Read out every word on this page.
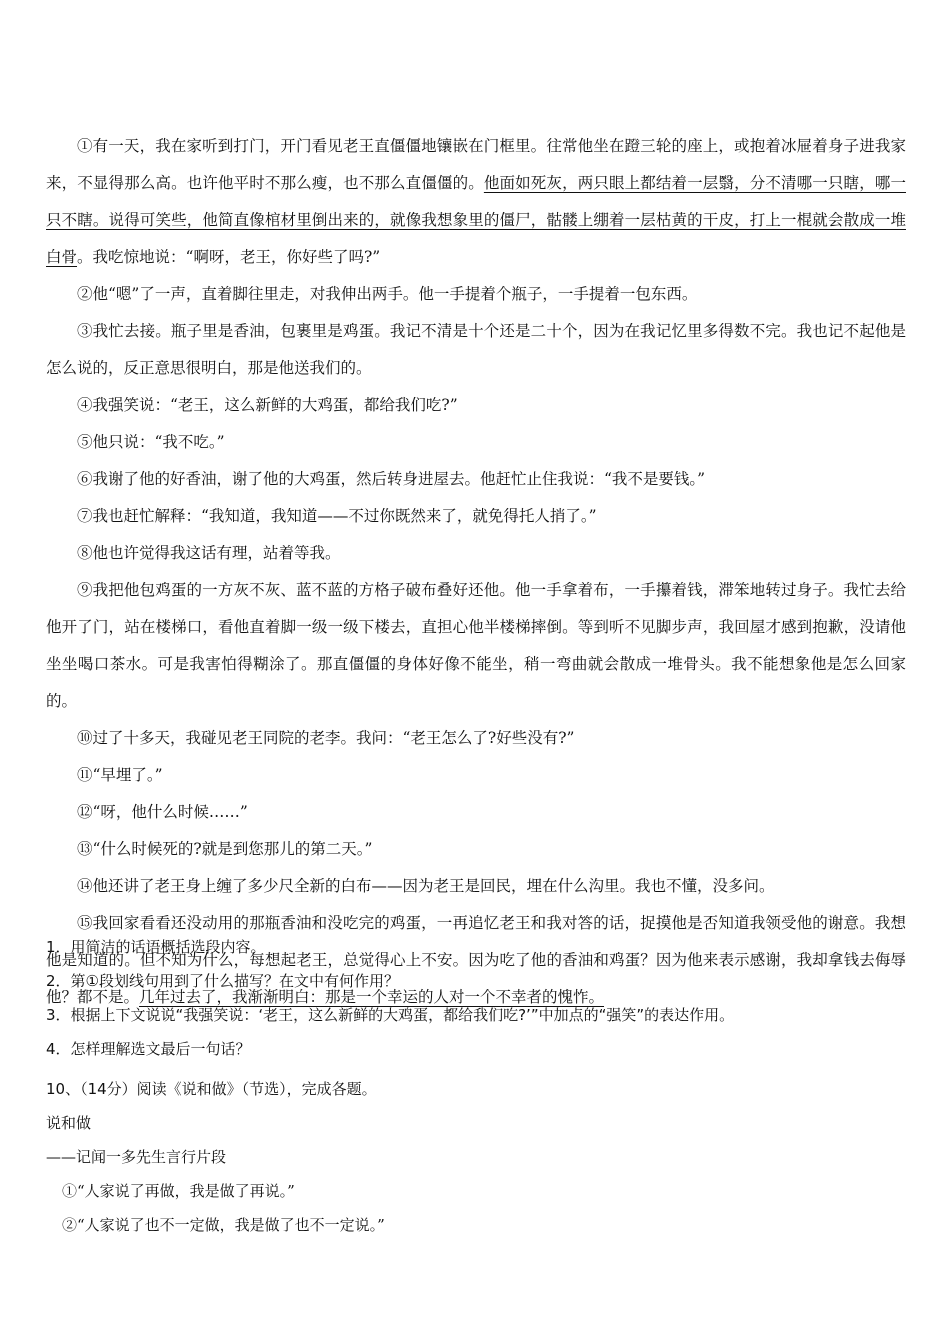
①有一天，我在家听到打门，开门看见老王直僵僵地镶嵌在门框里。往常他坐在蹬三轮的座上，或抱着冰屉着身子进我家来，不显得那么高。也许他平时不那么瘦，也不那么直僵僵的。他面如死灰，两只眼上都结着一层翳，分不清哪一只瞎，哪一只不瞎。说得可笑些，他简直像棺材里倒出来的，就像我想象里的僵尸，骷髅上绷着一层枯黄的干皮，打上一棍就会散成一堆白骨。我吃惊地说：“啊呀，老王，你好些了吗?”

②他“嗯”了一声，直着脚往里走，对我伸出两手。他一手提着个瓶子，一手提着一包东西。

③我忙去接。瓶子里是香油，包裹里是鸡蛋。我记不清是十个还是二十个，因为在我记忆里多得数不完。我也记不起他是怎么说的，反正意思很明白，那是他送我们的。

④我强笑说：“老王，这么新鲜的大鸡蛋，都给我们吃?”

⑤他只说：“我不吃。”

⑥我谢了他的好香油，谢了他的大鸡蛋，然后转身进屋去。他赶忙止住我说：“我不是要钱。”

⑦我也赶忙解释：“我知道，我知道——不过你既然来了，就免得托人捎了。”

⑧他也许觉得我这话有理，站着等我。

⑨我把他包鸡蛋的一方灰不灰、蓝不蓝的方格子破布叠好还他。他一手拿着布，一手攥着钱，滞笨地转过身子。我忙去给他开了门，站在楼梯口，看他直着脚一级一级下楼去，直担心他半楼梯摔倒。等到听不见脚步声，我回屋才感到抱歉，没请他坐坐喝口茶水。可是我害怕得糊涂了。那直僵僵的身体好像不能坐，稍一弯曲就会散成一堆骨头。我不能想象他是怎么回家的。

⑩过了十多天，我碰见老王同院的老李。我问：“老王怎么了?好些没有?”

⑪“早埋了。”

⑫“呀，他什么时候……”

⑬“什么时候死的?就是到您那儿的第二天。”

⑭他还讲了老王身上缠了多少尺全新的白布——因为老王是回民，埋在什么沟里。我也不懂，没多问。

⑮我回家看看还没动用的那瓶香油和没吃完的鸡蛋，一再追忆老王和我对答的话，捉摸他是否知道我领受他的谢意。我想他是知道的。但不知为什么，每想起老王，总觉得心上不安。因为吃了他的香油和鸡蛋？因为他来表示感谢，我却拿钱去侮辱他？都不是。几年过去了，我渐渐明白：那是一个幸运的人对一个不幸者的愧怍。

1．用简洁的话语概括选段内容。

2．第①段划线句用到了什么描写？在文中有何作用？

3．根据上下文说说“我强笑说：‘老王，这么新鲜的大鸡蛋，都给我们吃?’”中加点的“强笑”的表达作用。

4．怎样理解选文最后一句话？

10、（14分）阅读《说和做》（节选），完成各题。

说和做

——记闻一多先生言行片段

①“人家说了再做，我是做了再说。”

②“人家说了也不一定做，我是做了也不一定说。”
